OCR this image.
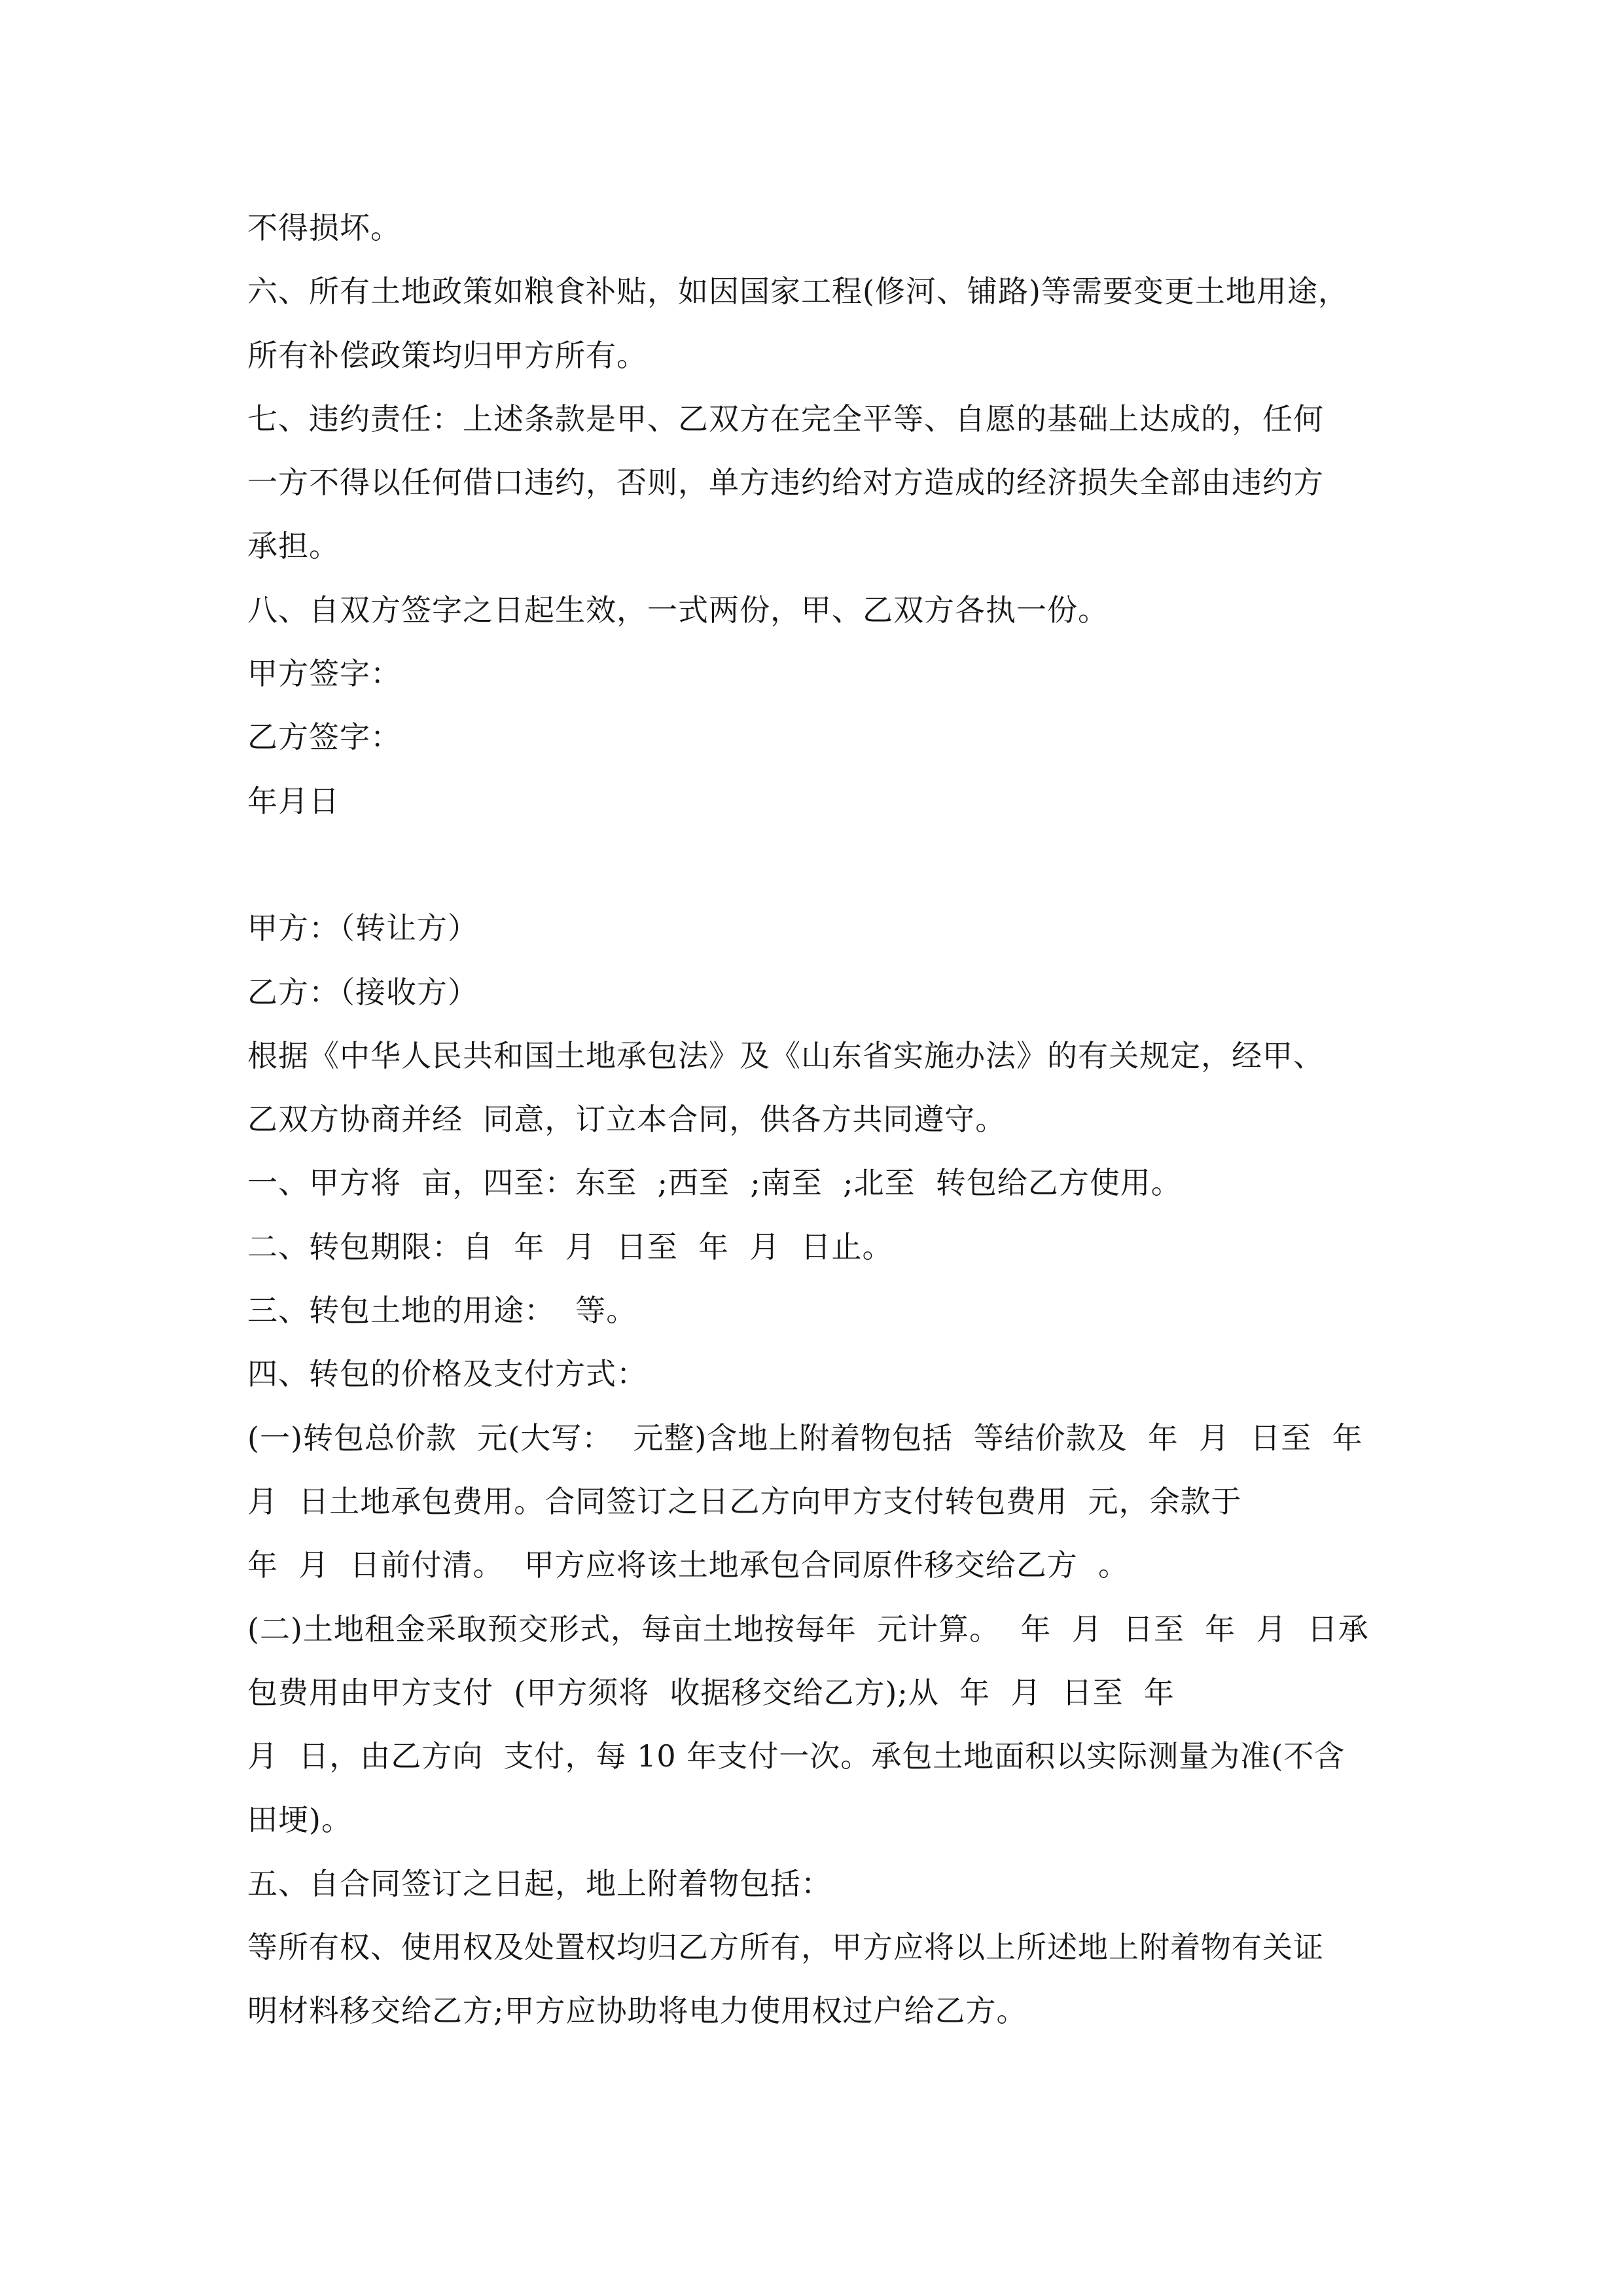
不得损坏。
六、所有土地政策如粮食补贴，如因国家工程(修河、铺路)等需要变更土地用途，
所有补偿政策均归甲方所有。
七、违约责任：上述条款是甲、乙双方在完全平等、自愿的基础上达成的，任何
一方不得以任何借口违约，否则，单方违约给对方造成的经济损失全部由违约方
承担。
八、自双方签字之日起生效，一式两份，甲、乙双方各执一份。
甲方签字：
乙方签字：
年月日
甲方：（转让方）
乙方：（接收方）
根据《中华人民共和国土地承包法》及《山东省实施办法》的有关规定，经甲、
乙双方协商并经  同意，订立本合同，供各方共同遵守。
一、甲方将  亩，四至：东至  ;西至  ;南至  ;北至  转包给乙方使用。
二、转包期限：自  年  月  日至  年  月  日止。
三、转包土地的用途：  等。
四、转包的价格及支付方式：
(一)转包总价款  元(大写：  元整)含地上附着物包括  等结价款及  年  月  日至  年
月  日土地承包费用。合同签订之日乙方向甲方支付转包费用  元，余款于
年  月  日前付清。  甲方应将该土地承包合同原件移交给乙方  。
(二)土地租金采取预交形式，每亩土地按每年  元计算。  年  月  日至  年  月  日承
包费用由甲方支付  (甲方须将  收据移交给乙方);从  年  月  日至  年
月  日，由乙方向  支付，每 10 年支付一次。承包土地面积以实际测量为准(不含
田埂)。
五、自合同签订之日起，地上附着物包括：
等所有权、使用权及处置权均归乙方所有，甲方应将以上所述地上附着物有关证
明材料移交给乙方;甲方应协助将电力使用权过户给乙方。
